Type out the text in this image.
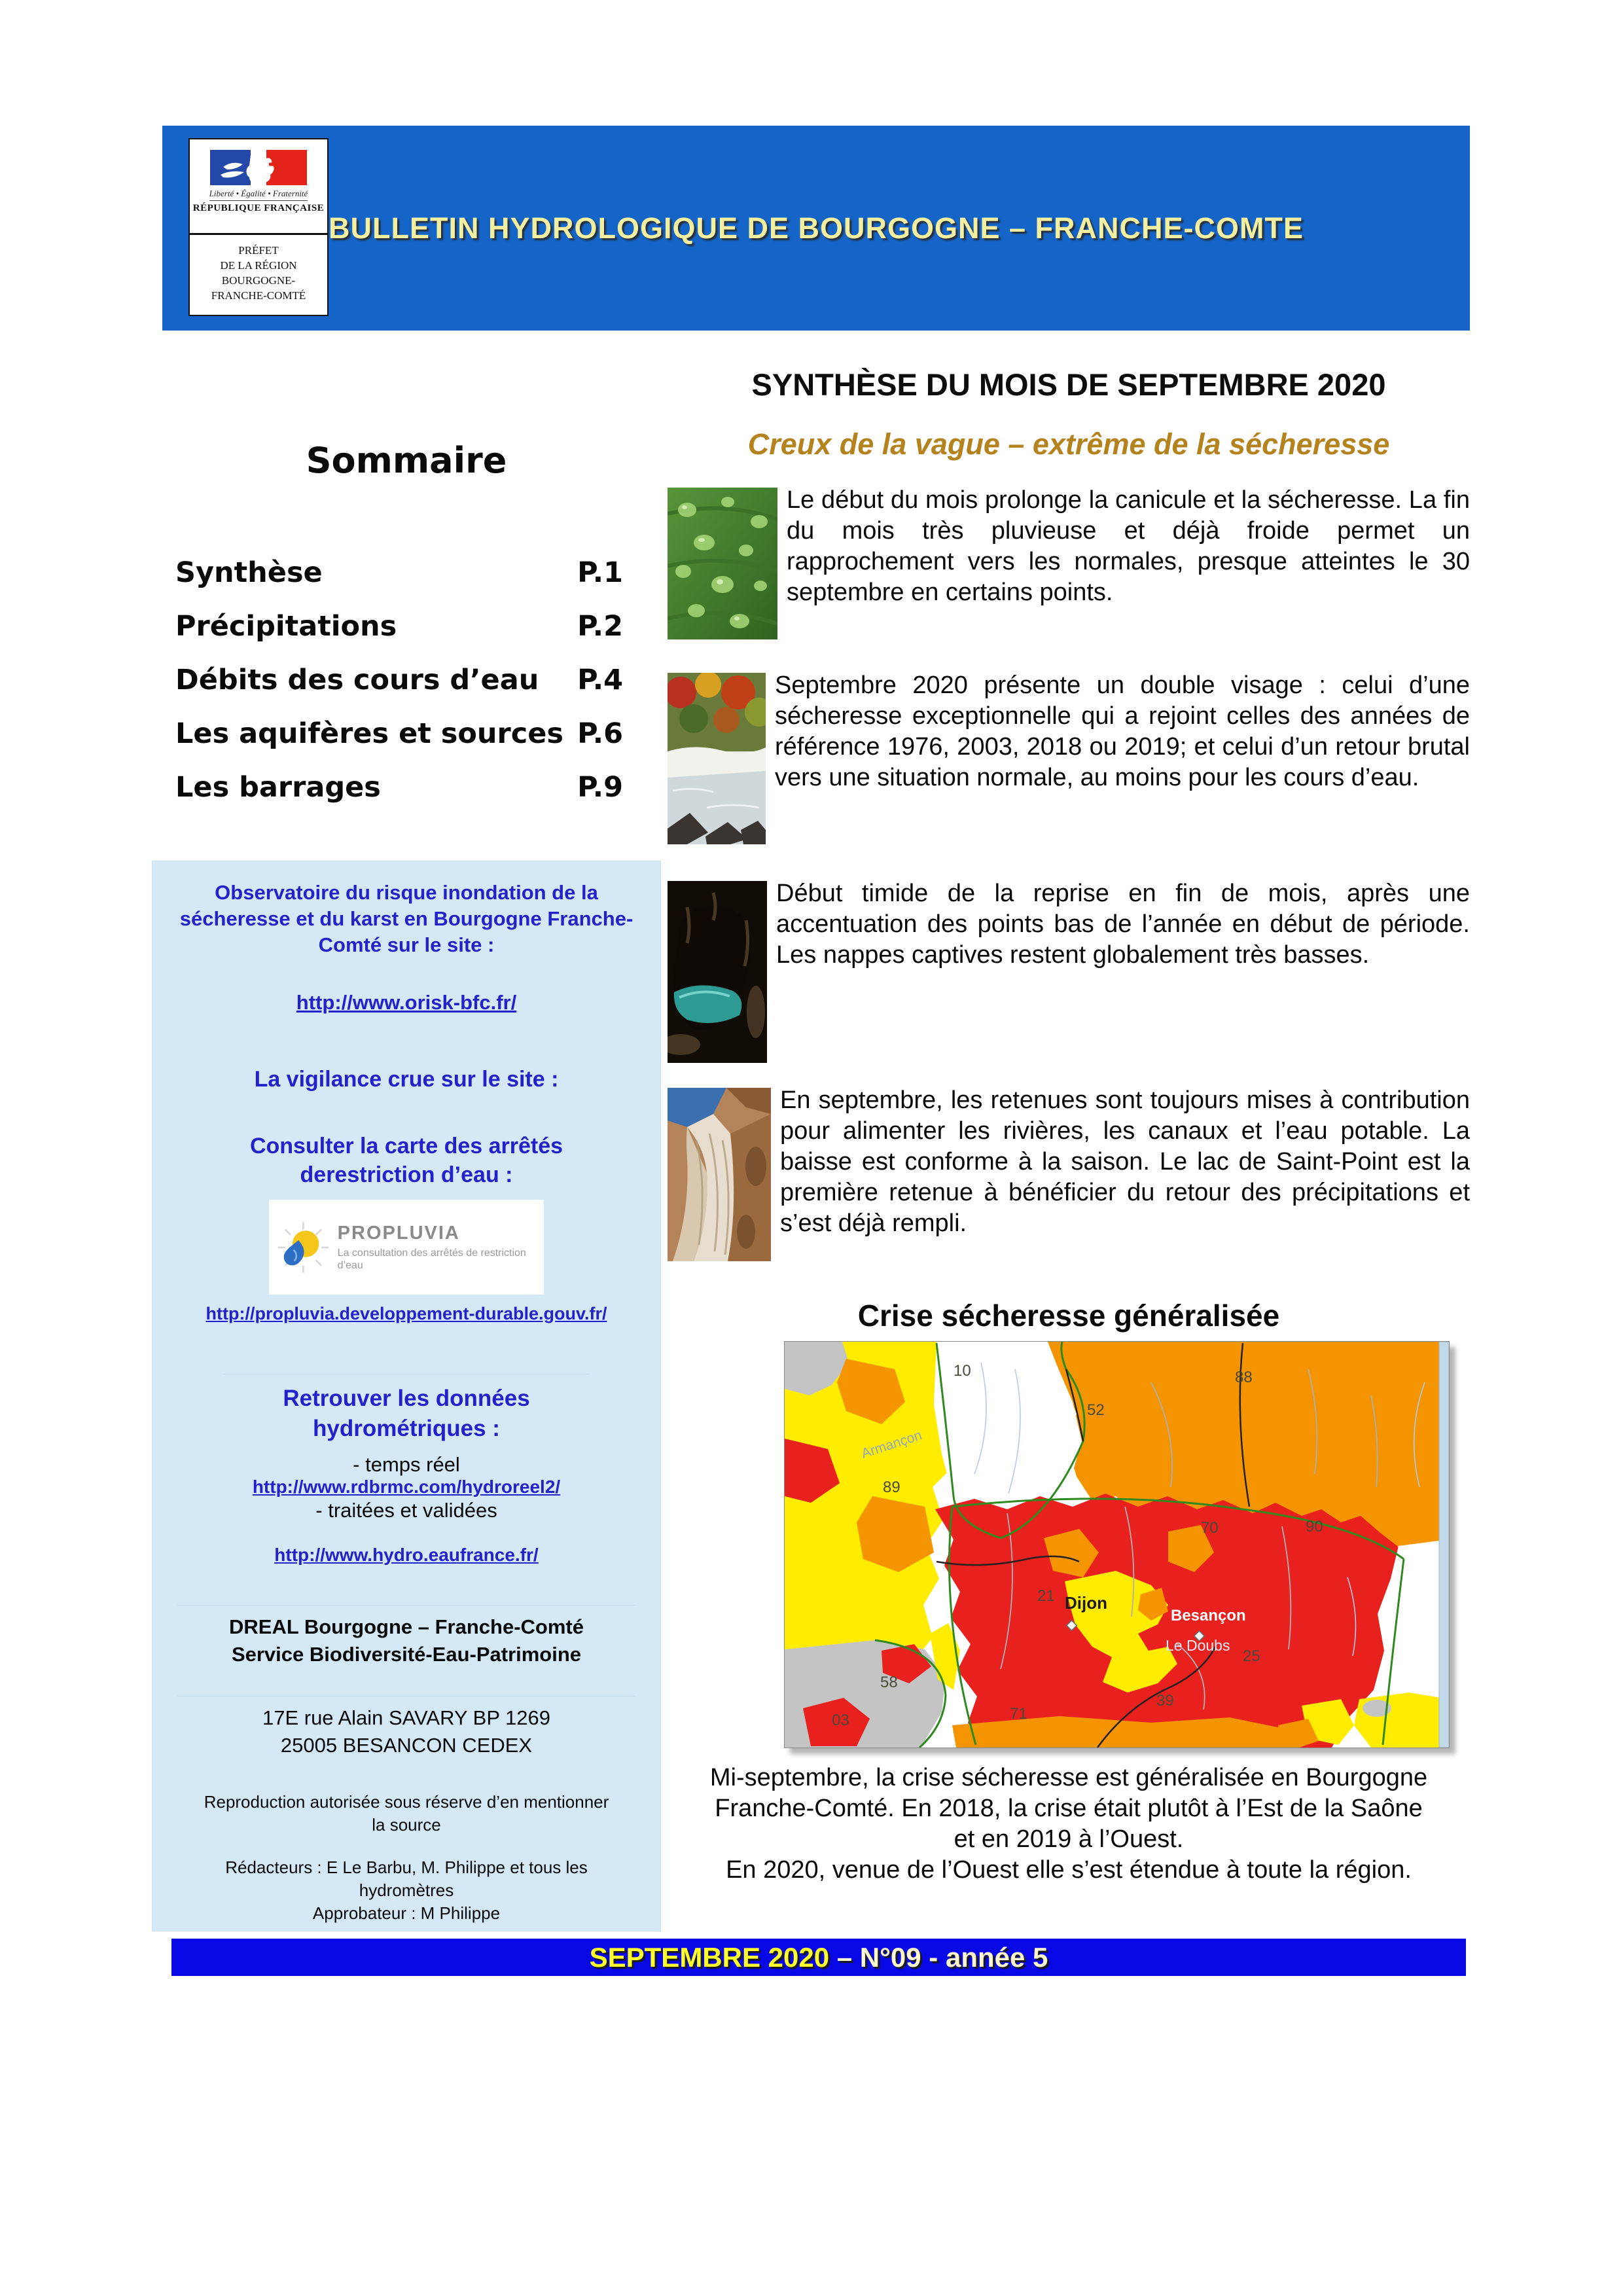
Liberté • Égalité • Fraternité
RÉPUBLIQUE FRANÇAISE
PRÉFET
DE LA RÉGION
BOURGOGNE-
FRANCHE-COMTÉ
BULLETIN HYDROLOGIQUE DE BOURGOGNE – FRANCHE-COMTE
Sommaire
Synthèse	P.1
Précipitations	P.2
Débits des cours d’eau P.4
Les aquifères et sources P.6
Les barrages	P.9
Observatoire du risque inondation de la sécheresse et du karst en Bourgogne Franche-Comté sur le site :
http://www.orisk-bfc.fr/
La vigilance crue sur le site :
Consulter la carte des arrêtés derestriction d’eau :
PROPLUVIA
La consultation des arrêtés de restriction d’eau
http://propluvia.developpement-durable.gouv.fr/
Retrouver les données hydrométriques :
- temps réel
http://www.rdbrmc.com/hydroreel2/
- traitées et validées
http://www.hydro.eaufrance.fr/
DREAL Bourgogne – Franche-Comté
Service Biodiversité-Eau-Patrimoine
17E rue Alain SAVARY BP 1269
25005 BESANCON CEDEX
Reproduction autorisée sous réserve d’en mentionner la source
Rédacteurs : E Le Barbu, M. Philippe et tous les hydromètres
Approbateur : M Philippe
SYNTHÈSE DU MOIS DE SEPTEMBRE 2020
Creux de la vague – extrême de la sécheresse

Le début du mois prolonge la canicule et la sécheresse. La fin du mois très pluvieuse et déjà froide permet un rapprochement vers les normales, presque atteintes le 30 septembre en certains points.

Septembre 2020 présente un double visage : celui d’une sécheresse exceptionnelle qui a rejoint celles des années de référence 1976, 2003, 2018 ou 2019; et celui d’un retour brutal vers une situation normale, au moins pour les cours d’eau.

Début timide de la reprise en fin de mois, après une accentuation des points bas de l’année en début de période. Les nappes captives restent globalement très basses.

En septembre, les retenues sont toujours mises à contribution pour alimenter les rivières, les canaux et l’eau potable. La baisse est conforme à la saison. Le lac de Saint-Point est la première retenue à bénéficier du retour des précipitations et s’est déjà rempli.

Crise sécheresse généralisée
10
52
88
90
89
Armançon
21 Dijon
70
Besançon
Le Doubs
25
58
39
71
03
Mi-septembre, la crise sécheresse est généralisée en Bourgogne
Franche-Comté. En 2018, la crise était plutôt à l’Est de la Saône
et en 2019 à l’Ouest.
En 2020, venue de l’Ouest elle s’est étendue à toute la région.
SEPTEMBRE 2020 – N°09 - année 5
